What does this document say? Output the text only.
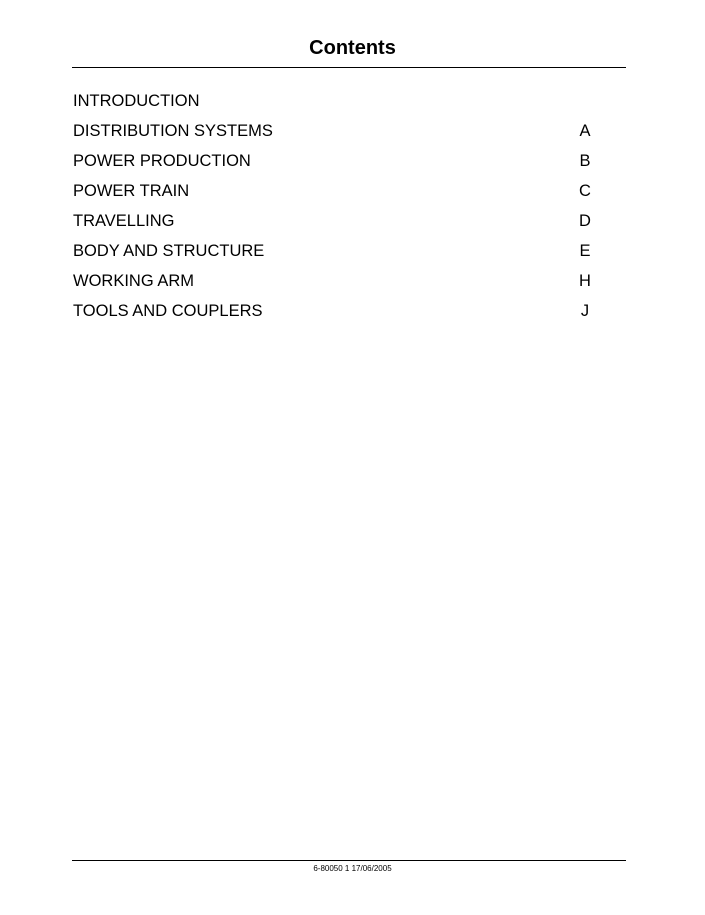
Contents
INTRODUCTION
DISTRIBUTION SYSTEMS	A
POWER PRODUCTION	B
POWER TRAIN	C
TRAVELLING	D
BODY AND STRUCTURE	E
WORKING ARM	H
TOOLS AND COUPLERS	J
6-80050 1 17/06/2005
